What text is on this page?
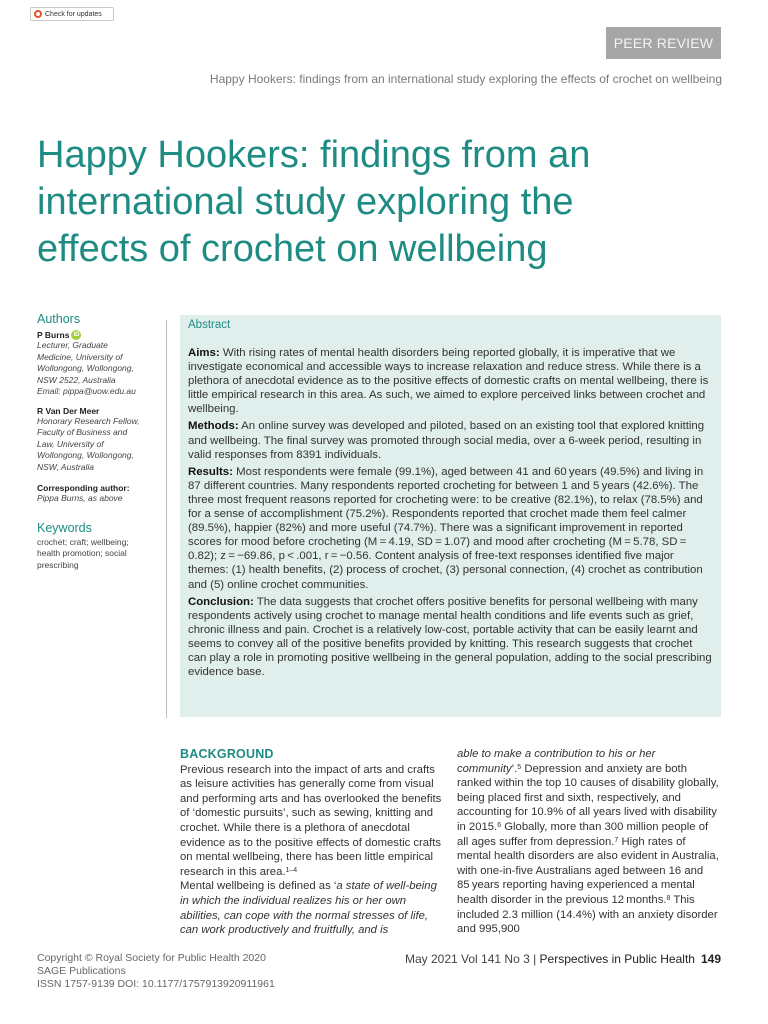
Check for updates
PEER REVIEW
Happy Hookers: findings from an international study exploring the effects of crochet on wellbeing
Happy Hookers: findings from an
international study exploring the
effects of crochet on wellbeing
Authors
P Burns iD
Lecturer, Graduate
Medicine, University of
Wollongong, Wollongong,
NSW 2522, Australia
Email: pippa@uow.edu.au
R Van Der Meer
Honorary Research Fellow,
Faculty of Business and
Law, University of
Wollongong, Wollongong,
NSW, Australia
Corresponding author:
Pippa Burns, as above
Keywords
crochet; craft; wellbeing;
health promotion; social
prescribing
Abstract

Aims: With rising rates of mental health disorders being reported globally, it is imperative that we investigate economical and accessible ways to increase relaxation and reduce stress. While there is a plethora of anecdotal evidence as to the positive effects of domestic crafts on mental wellbeing, there is little empirical research in this area. As such, we aimed to explore perceived links between crochet and wellbeing.

Methods: An online survey was developed and piloted, based on an existing tool that explored knitting and wellbeing. The final survey was promoted through social media, over a 6-week period, resulting in valid responses from 8391 individuals.

Results: Most respondents were female (99.1%), aged between 41 and 60 years (49.5%) and living in 87 different countries. Many respondents reported crocheting for between 1 and 5 years (42.6%). The three most frequent reasons reported for crocheting were: to be creative (82.1%), to relax (78.5%) and for a sense of accomplishment (75.2%). Respondents reported that crochet made them feel calmer (89.5%), happier (82%) and more useful (74.7%). There was a significant improvement in reported scores for mood before crocheting (M = 4.19, SD = 1.07) and mood after crocheting (M = 5.78, SD = 0.82); z = −69.86, p < .001, r = −0.56. Content analysis of free-text responses identified five major themes: (1) health benefits, (2) process of crochet, (3) personal connection, (4) crochet as contribution and (5) online crochet communities.

Conclusion: The data suggests that crochet offers positive benefits for personal wellbeing with many respondents actively using crochet to manage mental health conditions and life events such as grief, chronic illness and pain. Crochet is a relatively low-cost, portable activity that can be easily learnt and seems to convey all of the positive benefits provided by knitting. This research suggests that crochet can play a role in promoting positive wellbeing in the general population, adding to the social prescribing evidence base.

BACKGROUND

Previous research into the impact of arts and crafts as leisure activities has generally come from visual and performing arts and has overlooked the benefits of ‘domestic pursuits’, such as sewing, knitting and crochet. While there is a plethora of anecdotal evidence as to the positive effects of domestic crafts on mental wellbeing, there has been little empirical research in this area.$^{1-4}$

Mental wellbeing is defined as ‘a state of well-being in which the individual realizes his or her own abilities, can cope with the normal stresses of life, can work productively and fruitfully, and is

able to make a contribution to his or her community’.$^5$ Depression and anxiety are both ranked within the top 10 causes of disability globally, being placed first and sixth, respectively, and accounting for 10.9% of all years lived with disability in 2015.$^6$ Globally, more than 300 million people of all ages suffer from depression.$^7$ High rates of mental health disorders are also evident in Australia, with one-in-five Australians aged between 16 and 85 years reporting having experienced a mental health disorder in the previous 12 months.$^8$ This included 2.3 million (14.4%) with an anxiety disorder and 995,900

Copyright © Royal Society for Public Health 2020
SAGE Publications
ISSN 1757-9139 DOI: 10.1177/1757913920911961
May 2021 Vol 141 No 3 | Perspectives in Public Health 149
